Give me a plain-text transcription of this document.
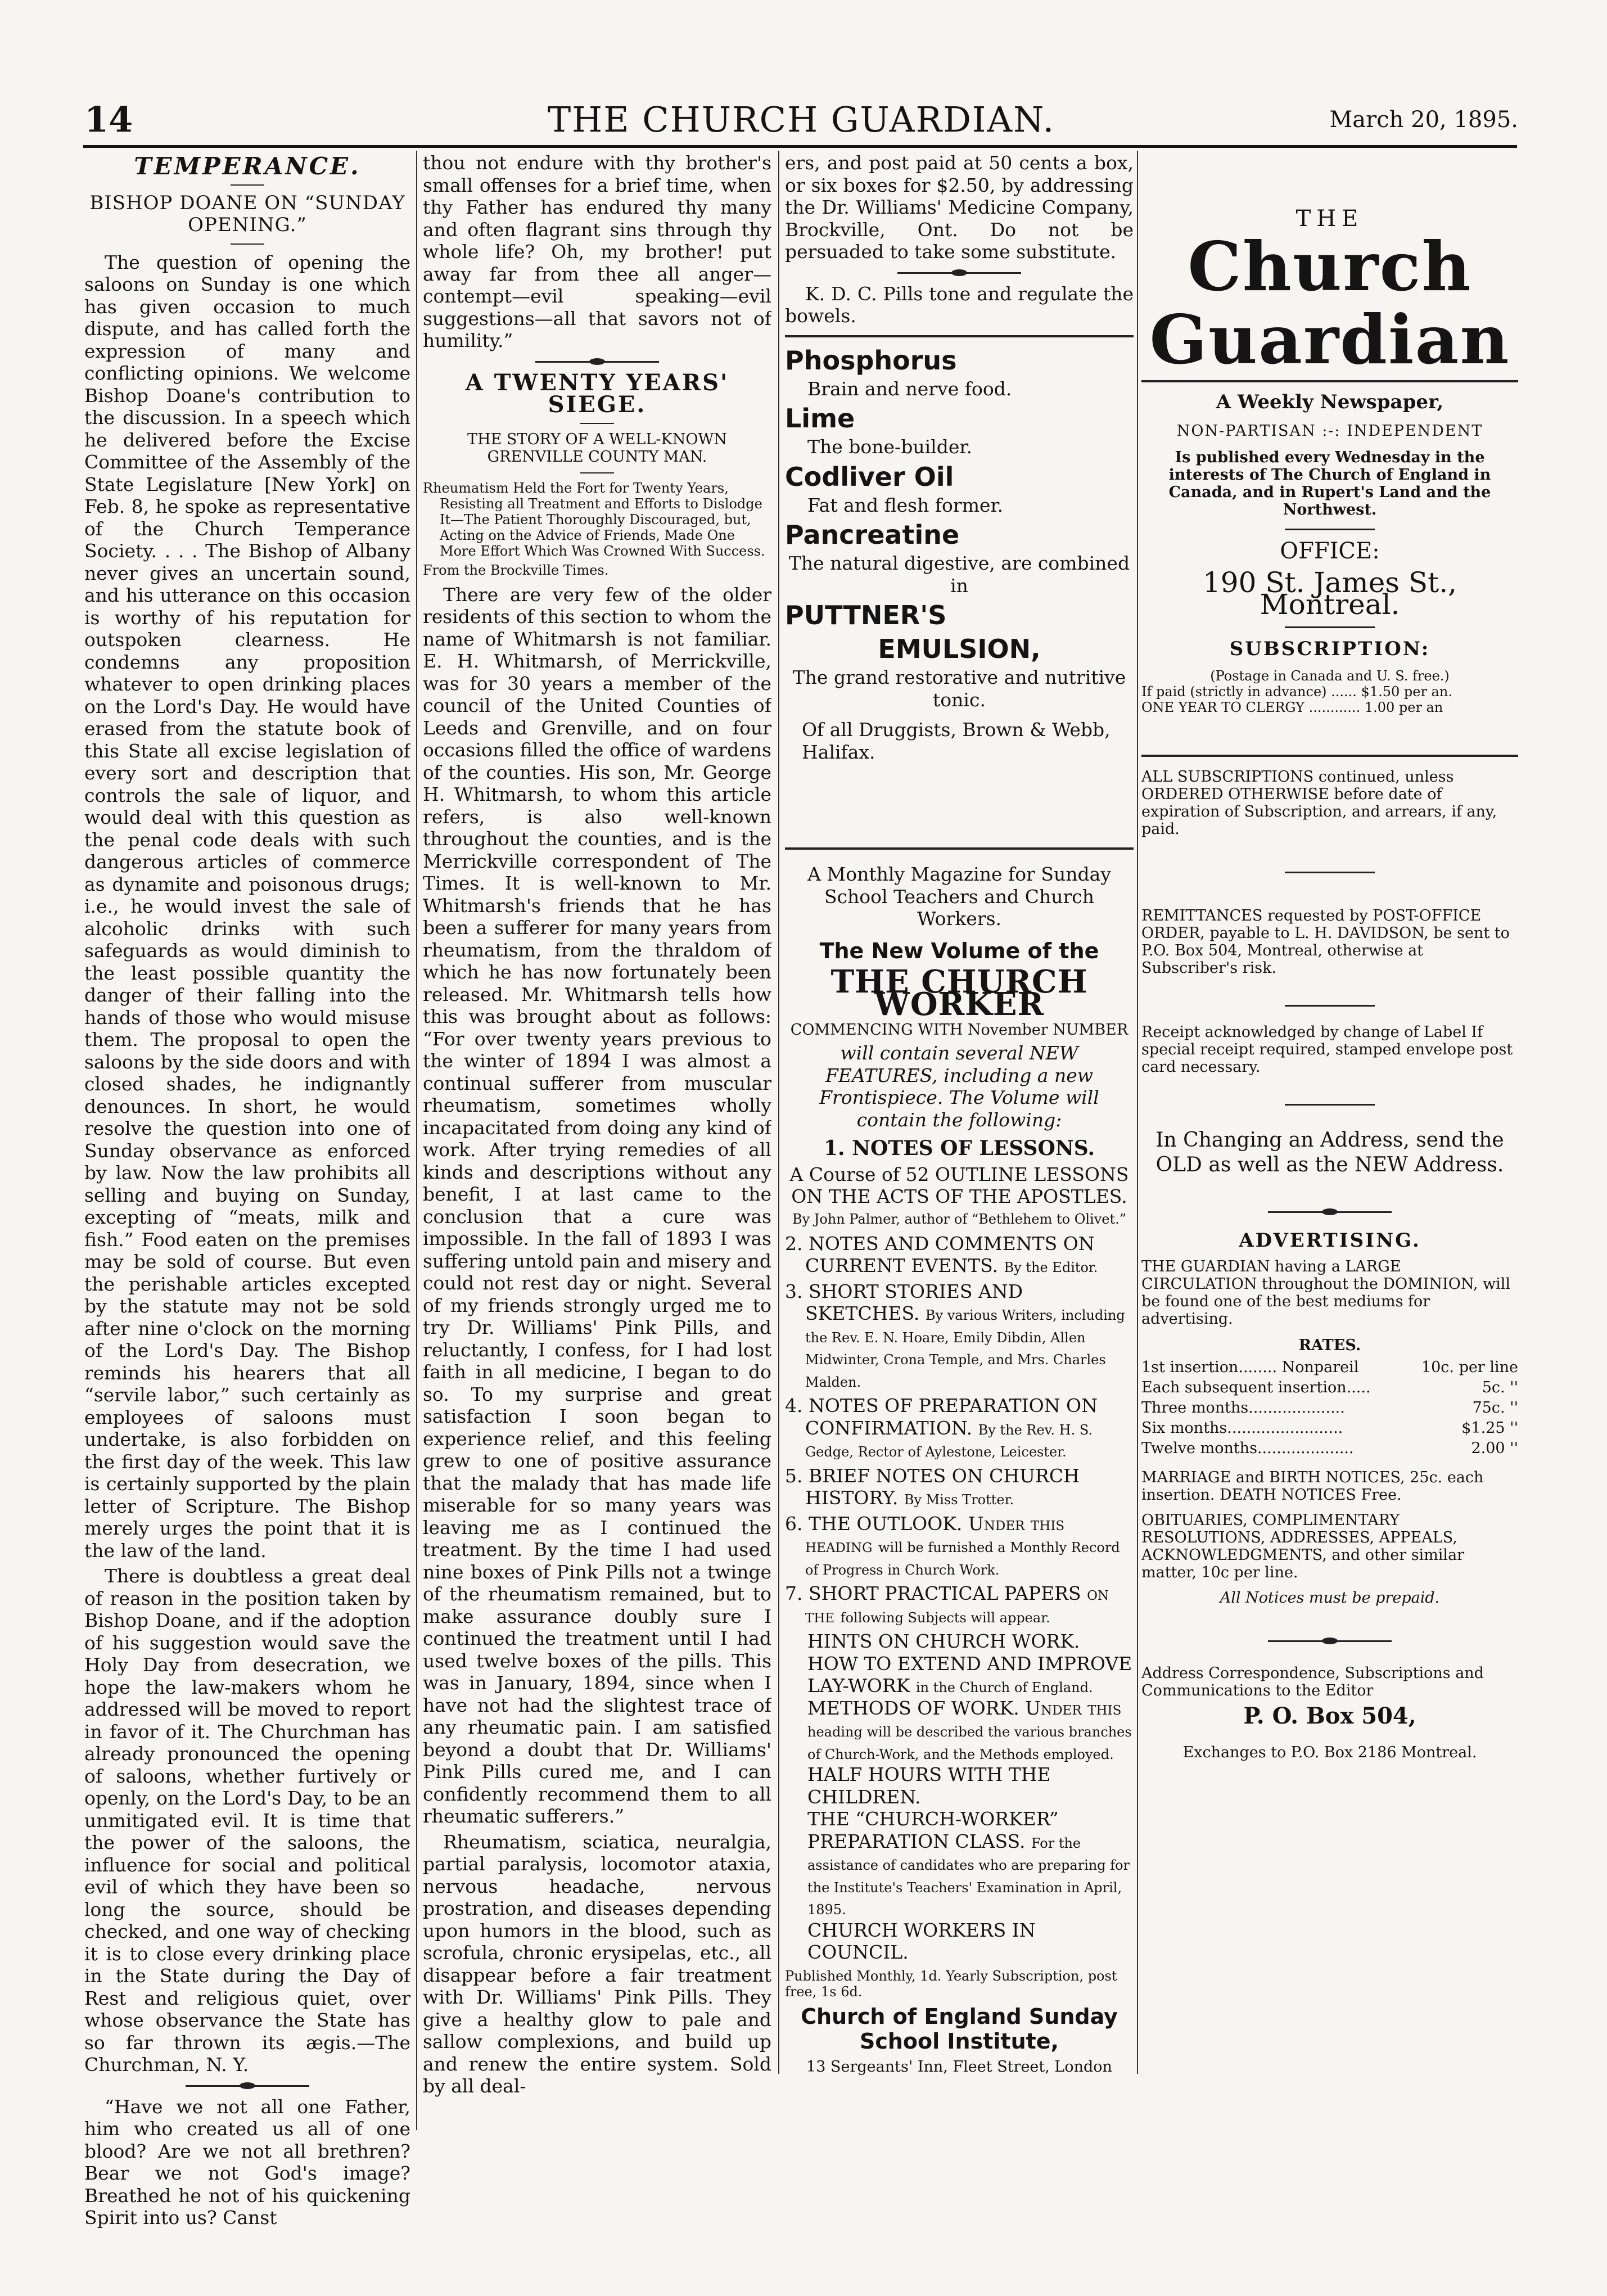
14	THE CHURCH GUARDIAN.	March 20, 1895.
TEMPERANCE.
BISHOP DOANE ON “SUNDAY OPENING.”

The question of opening the saloons on Sunday is one which has given occasion to much dispute, and has called forth the expression of many and conflicting opinions. We welcome Bishop Doane's contribution to the discussion. In a speech which he delivered before the Excise Committee of the Assembly of the State Legislature [New York] on Feb. 8, he spoke as representative of the Church Temperance Society. . . . The Bishop of Albany never gives an uncertain sound, and his utterance on this occasion is worthy of his reputation for outspoken clearness. He condemns any proposition whatever to open drinking places on the Lord's Day. He would have erased from the statute book of this State all excise legislation of every sort and description that controls the sale of liquor, and would deal with this question as the penal code deals with such dangerous articles of commerce as dynamite and poisonous drugs; i.e., he would invest the sale of alcoholic drinks with such safeguards as would diminish to the least possible quantity the danger of their falling into the hands of those who would misuse them. The proposal to open the saloons by the side doors and with closed shades, he indignantly denounces. In short, he would resolve the question into one of Sunday observance as enforced by law. Now the law prohibits all selling and buying on Sunday, excepting of “meats, milk and fish.” Food eaten on the premises may be sold of course. But even the perishable articles excepted by the statute may not be sold after nine o'clock on the morning of the Lord's Day. The Bishop reminds his hearers that all “servile labor,” such certainly as employees of saloons must undertake, is also forbidden on the first day of the week. This law is certainly supported by the plain letter of Scripture. The Bishop merely urges the point that it is the law of the land.

There is doubtless a great deal of reason in the position taken by Bishop Doane, and if the adoption of his suggestion would save the Holy Day from desecration, we hope the law-makers whom he addressed will be moved to report in favor of it. The Churchman has already pronounced the opening of saloons, whether furtively or openly, on the Lord's Day, to be an unmitigated evil. It is time that the power of the saloons, the influence for social and political evil of which they have been so long the source, should be checked, and one way of checking it is to close every drinking place in the State during the Day of Rest and religious quiet, over whose observance the State has so far thrown its ægis.—The Churchman, N. Y.

“Have we not all one Father, him who created us all of one blood? Are we not all brethren? Bear we not God's image? Breathed he not of his quickening Spirit into us? Canst

thou not endure with thy brother's small offenses for a brief time, when thy Father has endured thy many and often flagrant sins through thy whole life? Oh, my brother! put away far from thee all anger—contempt—evil speaking—evil suggestions—all that savors not of humility.”

A TWENTY YEARS' SIEGE.
THE STORY OF A WELL-KNOWN GRENVILLE COUNTY MAN.
Rheumatism Held the Fort for Twenty Years, Resisting all Treatment and Efforts to Dislodge It—The Patient Thoroughly Discouraged, but, Acting on the Advice of Friends, Made One More Effort Which Was Crowned With Success.
From the Brockville Times.

There are very few of the older residents of this section to whom the name of Whitmarsh is not familiar. E. H. Whitmarsh, of Merrickville, was for 30 years a member of the council of the United Counties of Leeds and Grenville, and on four occasions filled the office of wardens of the counties. His son, Mr. George H. Whitmarsh, to whom this article refers, is also well-known throughout the counties, and is the Merrickville correspondent of The Times. It is well-known to Mr. Whitmarsh's friends that he has been a sufferer for many years from rheumatism, from the thraldom of which he has now fortunately been released. Mr. Whitmarsh tells how this was brought about as follows: “For over twenty years previous to the winter of 1894 I was almost a continual sufferer from muscular rheumatism, sometimes wholly incapacitated from doing any kind of work. After trying remedies of all kinds and descriptions without any benefit, I at last came to the conclusion that a cure was impossible. In the fall of 1893 I was suffering untold pain and misery and could not rest day or night. Several of my friends strongly urged me to try Dr. Williams' Pink Pills, and reluctantly, I confess, for I had lost faith in all medicine, I began to do so. To my surprise and great satisfaction I soon began to experience relief, and this feeling grew to one of positive assurance that the malady that has made life miserable for so many years was leaving me as I continued the treatment. By the time I had used nine boxes of Pink Pills not a twinge of the rheumatism remained, but to make assurance doubly sure I continued the treatment until I had used twelve boxes of the pills. This was in January, 1894, since when I have not had the slightest trace of any rheumatic pain. I am satisfied beyond a doubt that Dr. Williams' Pink Pills cured me, and I can confidently recommend them to all rheumatic sufferers.”

Rheumatism, sciatica, neuralgia, partial paralysis, locomotor ataxia, nervous headache, nervous prostration, and diseases depending upon humors in the blood, such as scrofula, chronic erysipelas, etc., all disappear before a fair treatment with Dr. Williams' Pink Pills. They give a healthy glow to pale and sallow complexions, and build up and renew the entire system. Sold by all deal-

ers, and post paid at 50 cents a box, or six boxes for $2.50, by addressing the Dr. Williams' Medicine Company, Brockville, Ont. Do not be persuaded to take some substitute.

K. D. C. Pills tone and regulate the bowels.

Phosphorus
Brain and nerve food.
Lime
The bone-builder.
Codliver Oil
Fat and flesh former.
Pancreatine
The natural digestive, are combined in
PUTTNER'S
EMULSION,
The grand restorative and nutritive tonic.
Of all Druggists, Brown & Webb, Halifax.
A Monthly Magazine for Sunday School Teachers and Church Workers.
The New Volume of the
THE CHURCH WORKER
COMMENCING WITH November NUMBER
will contain several NEW FEATURES, including a new Frontispiece. The Volume will contain the following:
1. NOTES OF LESSONS.
A Course of 52 OUTLINE LESSONS ON THE ACTS OF THE APOSTLES.
By John Palmer, author of “Bethlehem to Olivet.”
2. NOTES AND COMMENTS ON CURRENT EVENTS. By the Editor.
3. SHORT STORIES AND SKETCHES. By various Writers, including the Rev. E. N. Hoare, Emily Dibdin, Allen Midwinter, Crona Temple, and Mrs. Charles Malden.
4. NOTES OF PREPARATION ON CONFIRMATION. By the Rev. H. S. Gedge, Rector of Aylestone, Leicester.
5. BRIEF NOTES ON CHURCH HISTORY. By Miss Trotter.
6. THE OUTLOOK. Under this heading will be furnished a Monthly Record of Progress in Church Work.
7. SHORT PRACTICAL PAPERS on the following Subjects will appear.
HINTS ON CHURCH WORK.
HOW TO EXTEND AND IMPROVE LAY-WORK in the Church of England.
METHODS OF WORK. Under this heading will be described the various branches of Church-Work, and the Methods employed.
HALF HOURS WITH THE CHILDREN.
THE “CHURCH-WORKER” PREPARATION CLASS. For the assistance of candidates who are preparing for the Institute's Teachers' Examination in April, 1895.
CHURCH WORKERS IN COUNCIL.
Published Monthly, 1d. Yearly Subscription, post free, 1s 6d.
Church of England Sunday School Institute,
13 Sergeants' Inn, Fleet Street, London
THE
Church Guardian
A Weekly Newspaper,
NON-PARTISAN :-: INDEPENDENT
Is published every Wednesday in the interests of The Church of England in Canada, and in Rupert's Land and the Northwest.
OFFICE:
190 St. James St., Montreal.
SUBSCRIPTION:
(Postage in Canada and U. S. free.)
If paid (strictly in advance) ...... $1.50 per an.
ONE YEAR TO CLERGY ............ 1.00 per an
ALL SUBSCRIPTIONS continued, unless ORDERED OTHERWISE before date of expiration of Subscription, and arrears, if any, paid.
REMITTANCES requested by POST-OFFICE ORDER, payable to L. H. DAVIDSON, be sent to P.O. Box 504, Montreal, otherwise at Subscriber's risk.
Receipt acknowledged by change of Label If special receipt required, stamped envelope post card necessary.
In Changing an Address, send the OLD as well as the NEW Address.
ADVERTISING.
THE GUARDIAN having a LARGE CIRCULATION throughout the DOMINION, will be found one of the best mediums for advertising.
RATES.
1st insertion........ Nonpareil	10c. per line
Each subsequent insertion.....	5c. ''
Three months....................	75c. ''
Six months........................	$1.25 ''
Twelve months....................	2.00 ''
MARRIAGE and BIRTH NOTICES, 25c. each insertion. DEATH NOTICES Free.
OBITUARIES, COMPLIMENTARY RESOLUTIONS, ADDRESSES, APPEALS, ACKNOWLEDGMENTS, and other similar matter, 10c per line.
All Notices must be prepaid.
Address Correspondence, Subscriptions and Communications to the Editor
P. O. Box 504,
Exchanges to P.O. Box 2186 Montreal.
